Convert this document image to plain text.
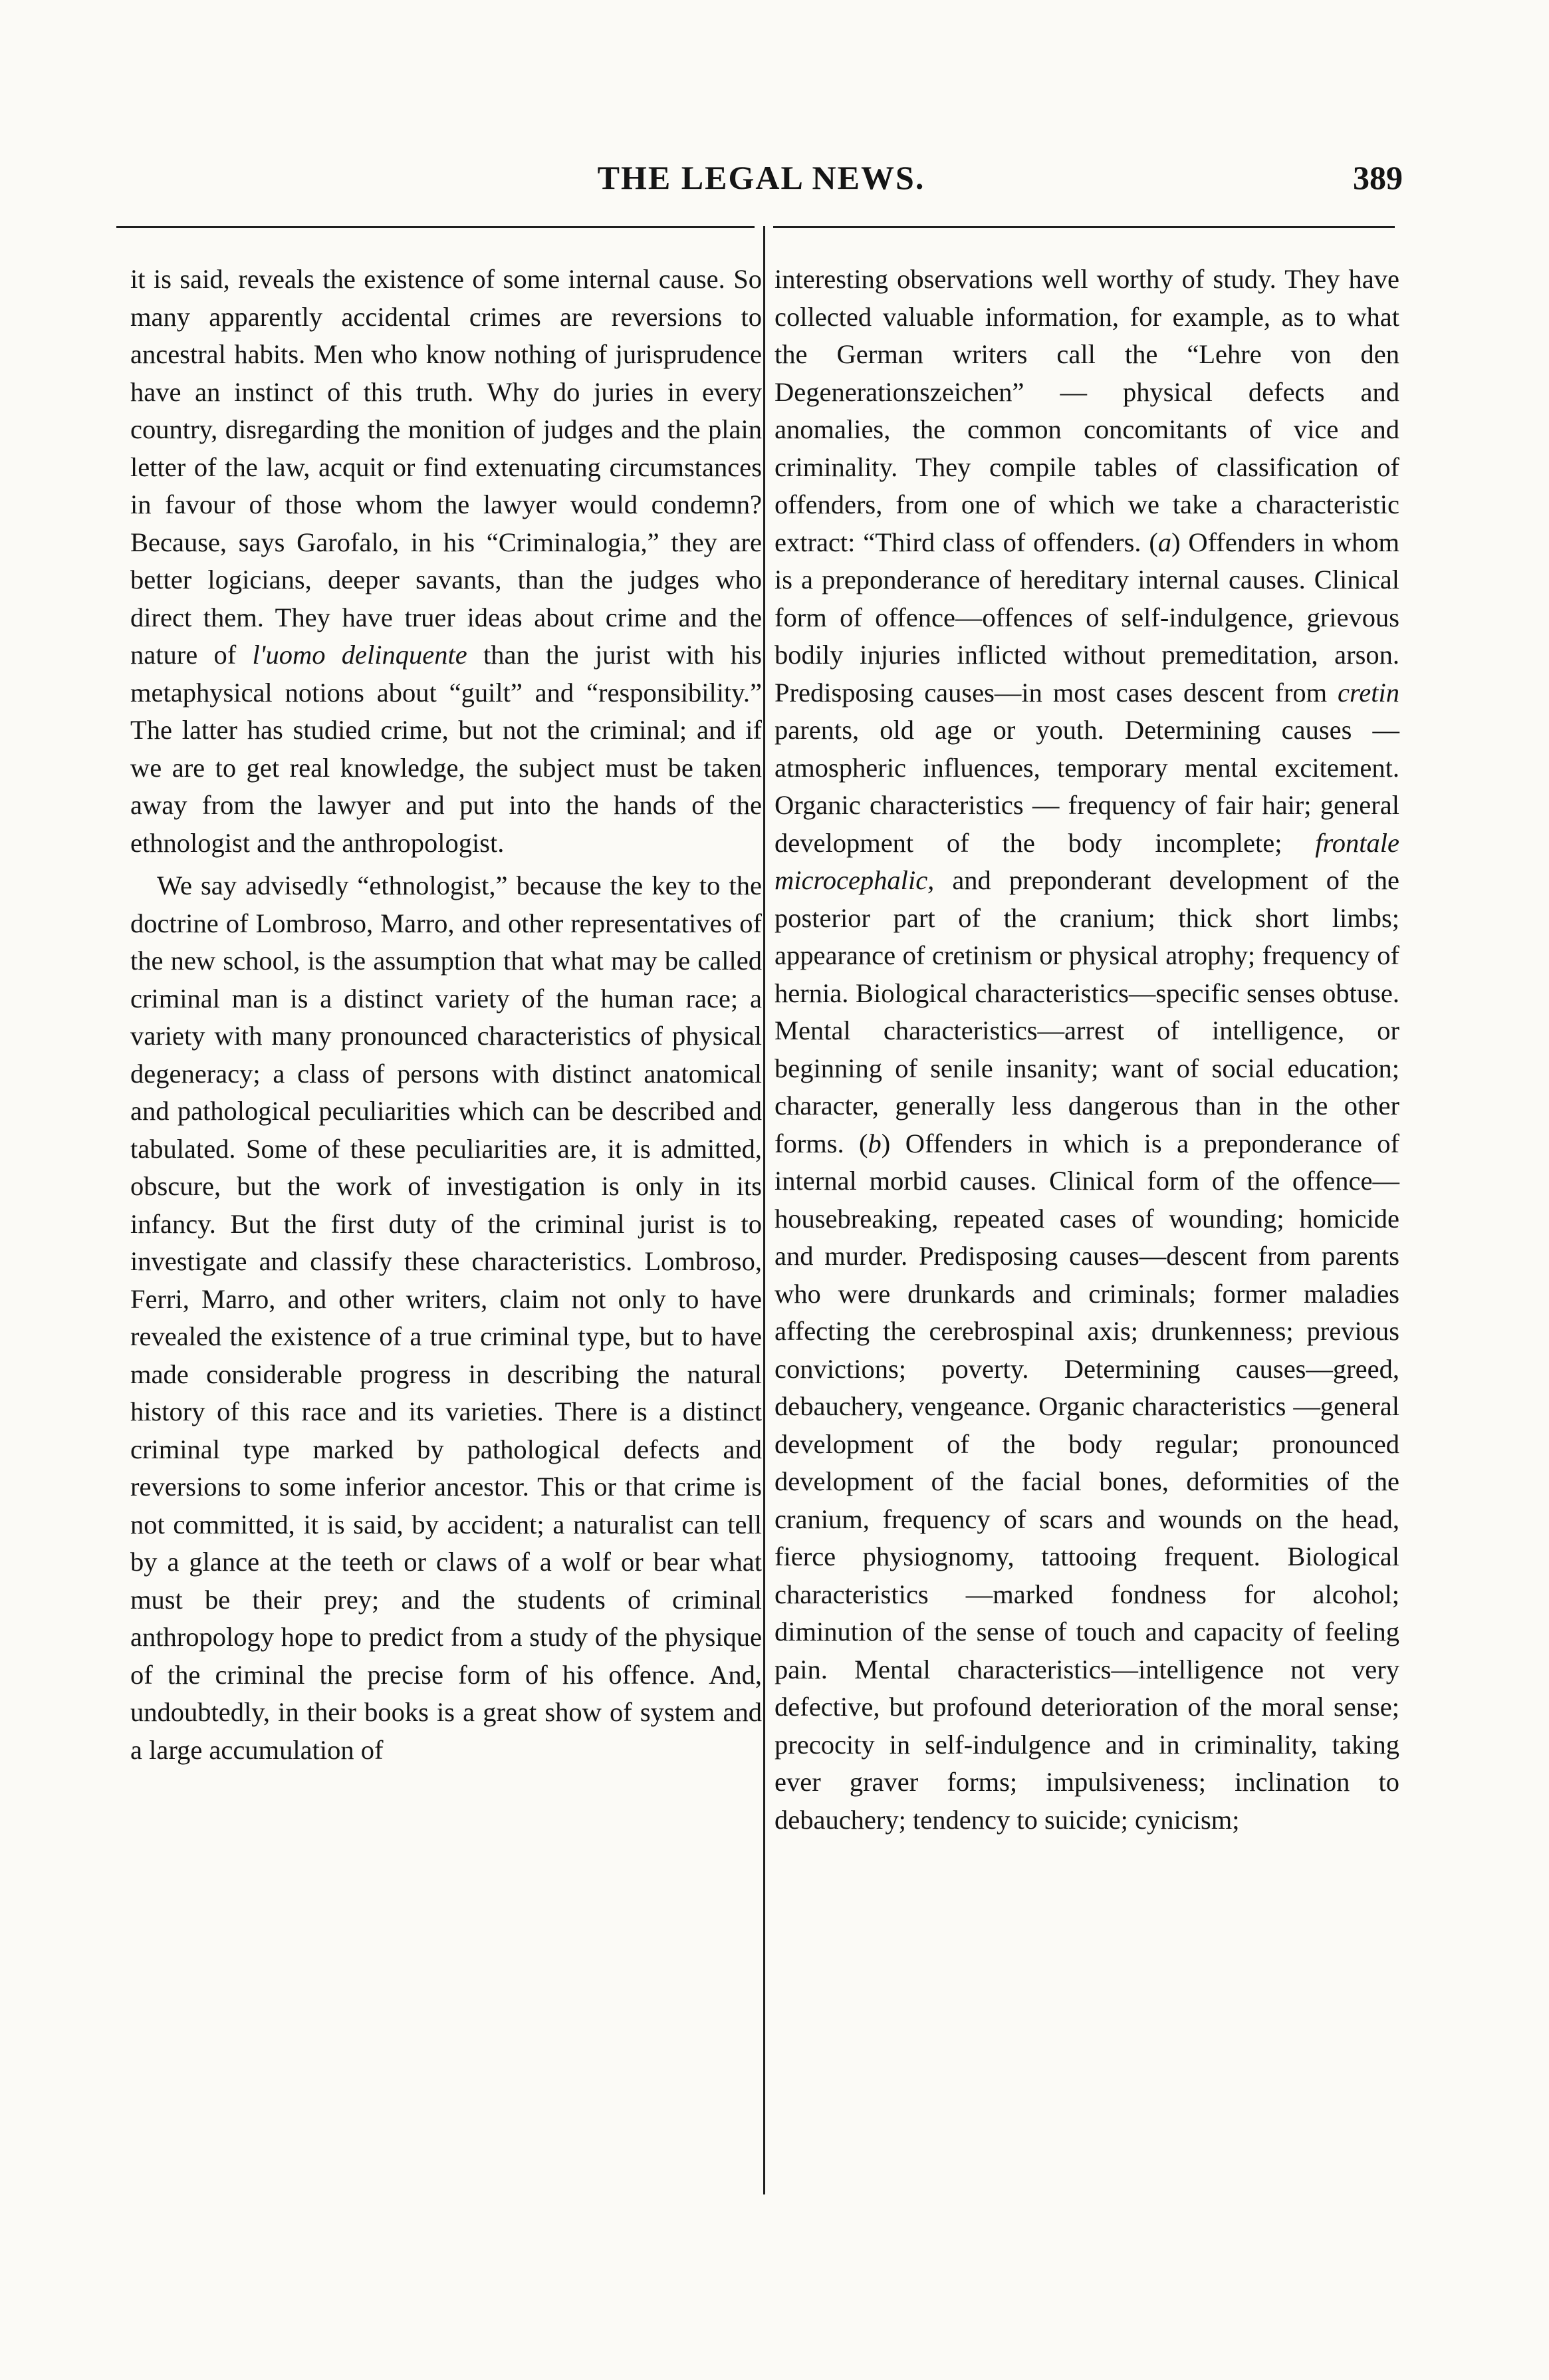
THE LEGAL NEWS.	389

it is said, reveals the existence of some internal cause. So many apparently accidental crimes are reversions to ancestral habits. Men who know nothing of jurisprudence have an instinct of this truth. Why do juries in every country, disregarding the monition of judges and the plain letter of the law, acquit or find extenuating circumstances in favour of those whom the lawyer would condemn? Because, says Garofalo, in his “Criminalogia,” they are better logicians, deeper savants, than the judges who direct them. They have truer ideas about crime and the nature of l'uomo delinquente than the jurist with his metaphysical notions about “guilt” and “responsibility.” The latter has studied crime, but not the criminal; and if we are to get real knowledge, the subject must be taken away from the lawyer and put into the hands of the ethnologist and the anthropologist.

We say advisedly “ethnologist,” because the key to the doctrine of Lombroso, Marro, and other representatives of the new school, is the assumption that what may be called criminal man is a distinct variety of the human race; a variety with many pronounced characteristics of physical degeneracy; a class of persons with distinct anatomical and pathological peculiarities which can be described and tabulated. Some of these peculiarities are, it is admitted, obscure, but the work of investigation is only in its infancy. But the first duty of the criminal jurist is to investigate and classify these characteristics. Lombroso, Ferri, Marro, and other writers, claim not only to have revealed the existence of a true criminal type, but to have made considerable progress in describing the natural history of this race and its varieties. There is a distinct criminal type marked by pathological defects and reversions to some inferior ancestor. This or that crime is not committed, it is said, by accident; a naturalist can tell by a glance at the teeth or claws of a wolf or bear what must be their prey; and the students of criminal anthropology hope to predict from a study of the physique of the criminal the precise form of his offence. And, undoubtedly, in their books is a great show of system and a large accumulation of

interesting observations well worthy of study. They have collected valuable information, for example, as to what the German writers call the “Lehre von den Degenerationszeichen” — physical defects and anomalies, the common concomitants of vice and criminality. They compile tables of classification of offenders, from one of which we take a characteristic extract: “Third class of offenders. (a) Offenders in whom is a preponderance of hereditary internal causes. Clinical form of offence—offences of self-indulgence, grievous bodily injuries inflicted without premeditation, arson. Predisposing causes—in most cases descent from cretin parents, old age or youth. Determining causes — atmospheric influences, temporary mental excitement. Organic characteristics — frequency of fair hair; general development of the body incomplete; frontale microcephalic, and preponderant development of the posterior part of the cranium; thick short limbs; appearance of cretinism or physical atrophy; frequency of hernia. Biological characteristics—specific senses obtuse. Mental characteristics—arrest of intelligence, or beginning of senile insanity; want of social education; character, generally less dangerous than in the other forms. (b) Offenders in which is a preponderance of internal morbid causes. Clinical form of the offence—housebreaking, repeated cases of wounding; homicide and murder. Predisposing causes—descent from parents who were drunkards and criminals; former maladies affecting the cerebrospinal axis; drunkenness; previous convictions; poverty. Determining causes—greed, debauchery, vengeance. Organic characteristics —general development of the body regular; pronounced development of the facial bones, deformities of the cranium, frequency of scars and wounds on the head, fierce physiognomy, tattooing frequent. Biological characteristics —marked fondness for alcohol; diminution of the sense of touch and capacity of feeling pain. Mental characteristics—intelligence not very defective, but profound deterioration of the moral sense; precocity in self-indulgence and in criminality, taking ever graver forms; impulsiveness; inclination to debauchery; tendency to suicide; cynicism;
